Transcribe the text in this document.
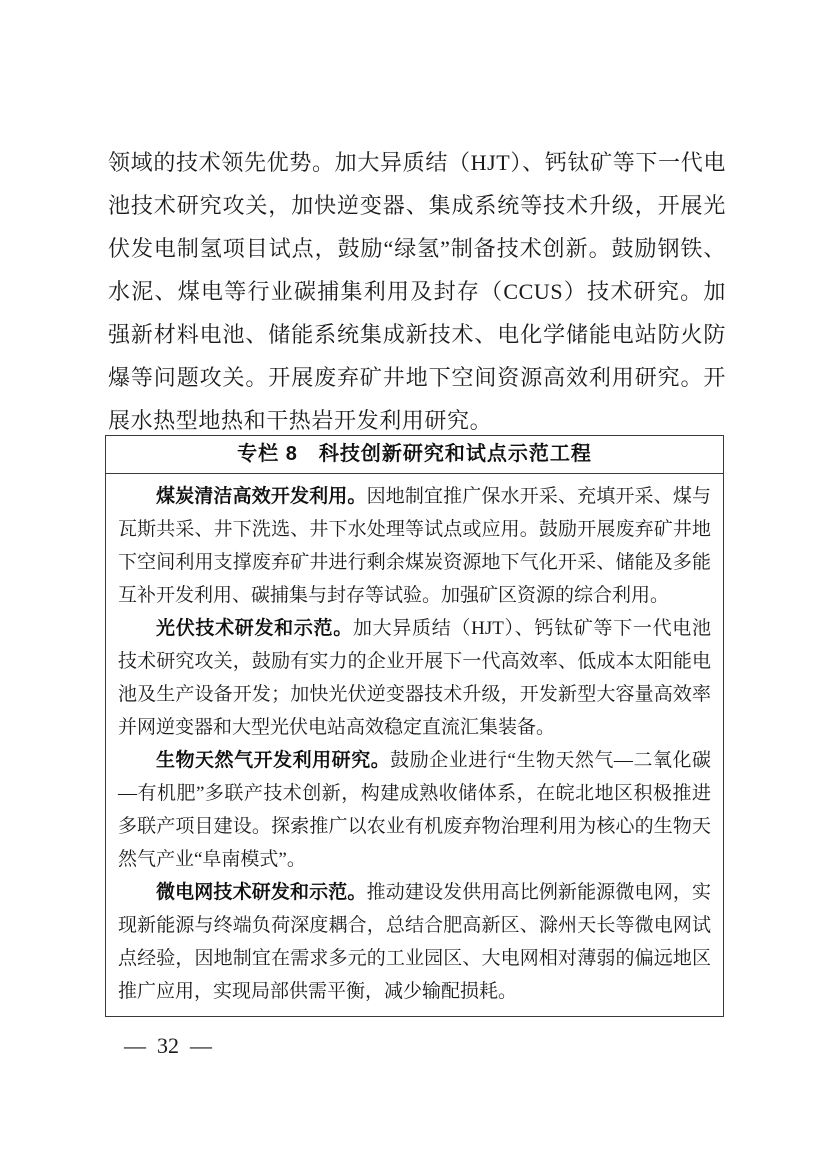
领域的技术领先优势。加大异质结（HJT）、钙钛矿等下一代电池技术研究攻关，加快逆变器、集成系统等技术升级，开展光伏发电制氢项目试点，鼓励“绿氢”制备技术创新。鼓励钢铁、水泥、煤电等行业碳捕集利用及封存（CCUS）技术研究。加强新材料电池、储能系统集成新技术、电化学储能电站防火防爆等问题攻关。开展废弃矿井地下空间资源高效利用研究。开展水热型地热和干热岩开发利用研究。

专栏 8　科技创新研究和试点示范工程

煤炭清洁高效开发利用。因地制宜推广保水开采、充填开采、煤与瓦斯共采、井下洗选、井下水处理等试点或应用。鼓励开展废弃矿井地下空间利用支撑废弃矿井进行剩余煤炭资源地下气化开采、储能及多能互补开发利用、碳捕集与封存等试验。加强矿区资源的综合利用。

光伏技术研发和示范。加大异质结（HJT）、钙钛矿等下一代电池技术研究攻关，鼓励有实力的企业开展下一代高效率、低成本太阳能电池及生产设备开发；加快光伏逆变器技术升级，开发新型大容量高效率并网逆变器和大型光伏电站高效稳定直流汇集装备。

生物天然气开发利用研究。鼓励企业进行“生物天然气—二氧化碳—有机肥”多联产技术创新，构建成熟收储体系，在皖北地区积极推进多联产项目建设。探索推广以农业有机废弃物治理利用为核心的生物天然气产业“阜南模式”。

微电网技术研发和示范。推动建设发供用高比例新能源微电网，实现新能源与终端负荷深度耦合，总结合肥高新区、滁州天长等微电网试点经验，因地制宜在需求多元的工业园区、大电网相对薄弱的偏远地区推广应用，实现局部供需平衡，减少输配损耗。

— 32 —
